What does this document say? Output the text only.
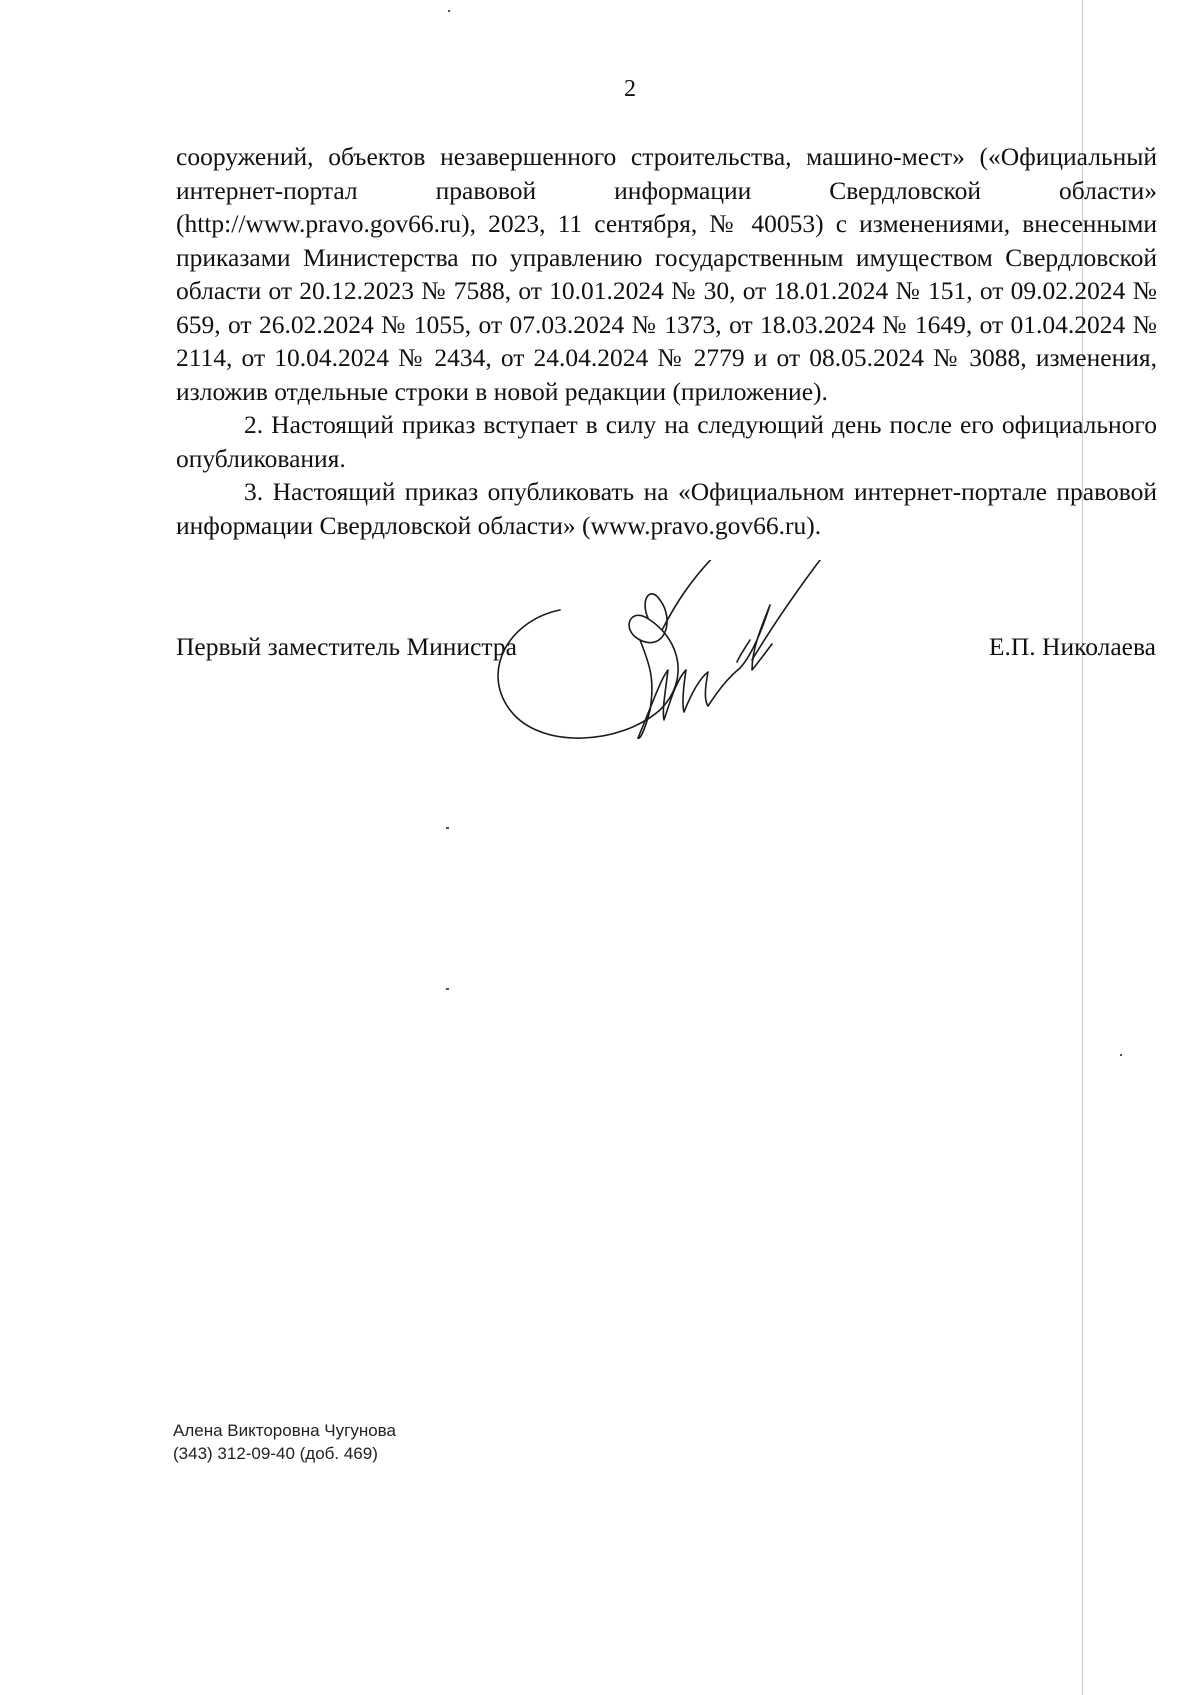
2

сооружений, объектов незавершенного строительства, машино-мест» («Официальный интернет-портал правовой информации Свердловской области» (http://www.pravo.gov66.ru), 2023, 11 сентября, № 40053) с изменениями, внесенными приказами Министерства по управлению государственным имуществом Свердловской области от 20.12.2023 № 7588, от 10.01.2024 № 30, от 18.01.2024 № 151, от 09.02.2024 № 659, от 26.02.2024 № 1055, от 07.03.2024 № 1373, от 18.03.2024 № 1649, от 01.04.2024 № 2114, от 10.04.2024 № 2434, от 24.04.2024 № 2779 и от 08.05.2024 № 3088, изменения, изложив отдельные строки в новой редакции (приложение).

2. Настоящий приказ вступает в силу на следующий день после его официального опубликования.

3. Настоящий приказ опубликовать на «Официальном интернет-портале правовой информации Свердловской области» (www.pravo.gov66.ru).

Первый заместитель Министра	Е.П. Николаева
Алена Викторовна Чугунова
(343) 312-09-40 (доб. 469)
